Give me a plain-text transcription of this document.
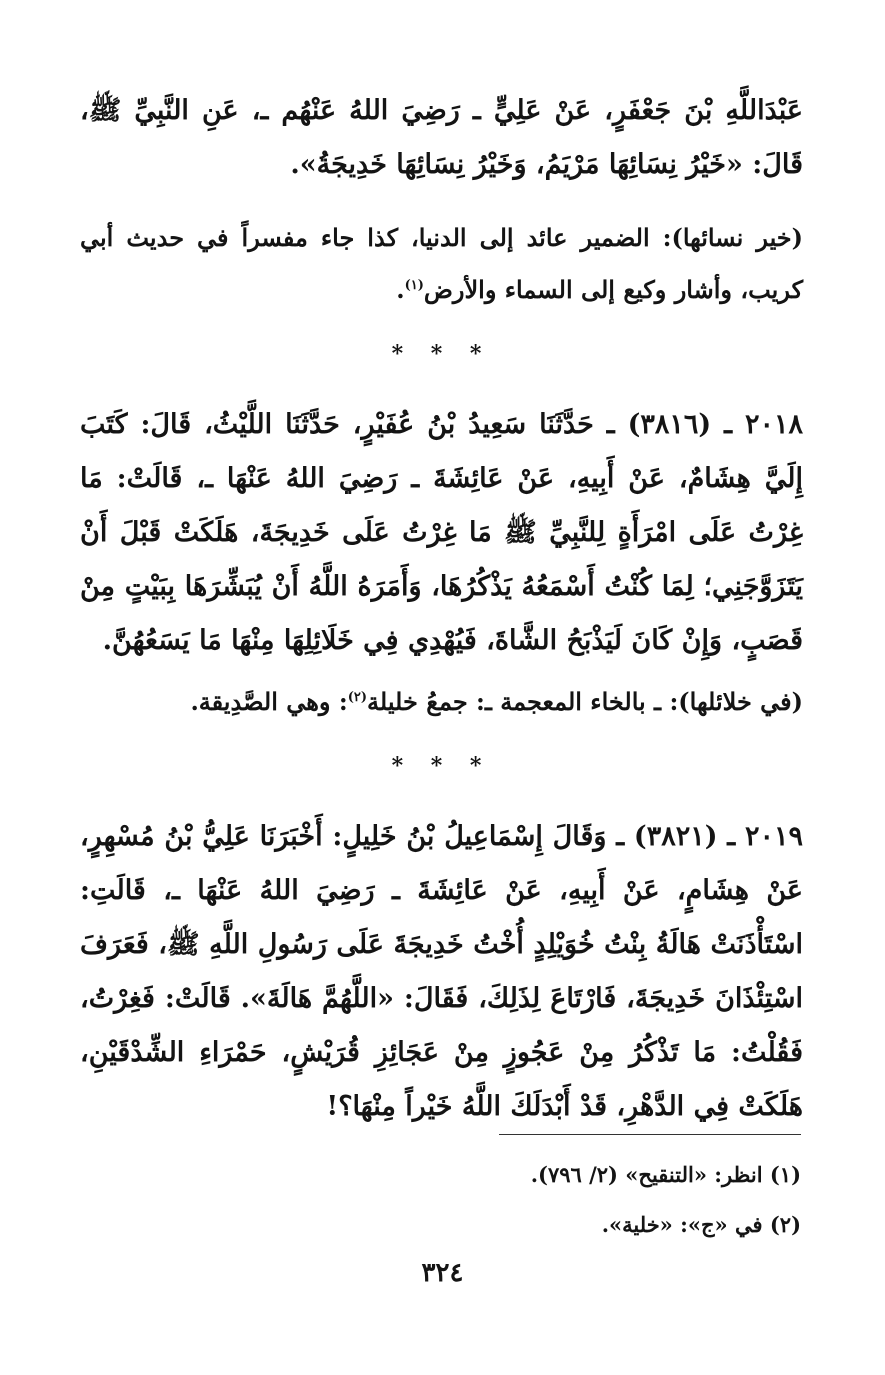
عَبْدَاللَّهِ بْنَ جَعْفَرٍ، عَنْ عَلِيٍّ ـ رَضِيَ اللهُ عَنْهُم ـ، عَنِ النَّبِيِّ ﷺ، قَالَ: «خَيْرُ نِسَائِهَا مَرْيَمُ، وَخَيْرُ نِسَائِهَا خَدِيجَةُ».

(خير نسائها): الضمير عائد إلى الدنيا، كذا جاء مفسراً في حديث أبي كريب، وأشار وكيع إلى السماء والأرض$^{(١)}$.

* * *

٢٠١٨ ـ (٣٨١٦) ـ حَدَّثَنَا سَعِيدُ بْنُ عُفَيْرٍ، حَدَّثَنَا اللَّيْثُ، قَالَ: كَتَبَ إِلَيَّ هِشَامٌ، عَنْ أَبِيهِ، عَنْ عَائِشَةَ ـ رَضِيَ اللهُ عَنْهَا ـ، قَالَتْ: مَا غِرْتُ عَلَى امْرَأَةٍ لِلنَّبِيِّ ﷺ مَا غِرْتُ عَلَى خَدِيجَةَ، هَلَكَتْ قَبْلَ أَنْ يَتَزَوَّجَنِي؛ لِمَا كُنْتُ أَسْمَعُهُ يَذْكُرُهَا، وَأَمَرَهُ اللَّهُ أَنْ يُبَشِّرَهَا بِبَيْتٍ مِنْ قَصَبٍ، وَإِنْ كَانَ لَيَذْبَحُ الشَّاةَ، فَيُهْدِي فِي خَلَائِلِهَا مِنْهَا مَا يَسَعُهُنَّ.

(في خلائلها): ـ بالخاء المعجمة ـ: جمعُ خليلة$^{(٢)}$: وهي الصَّدِيقة.

* * *

٢٠١٩ ـ (٣٨٢١) ـ وَقَالَ إِسْمَاعِيلُ بْنُ خَلِيلٍ: أَخْبَرَنَا عَلِيُّ بْنُ مُسْهِرٍ، عَنْ هِشَامٍ، عَنْ أَبِيهِ، عَنْ عَائِشَةَ ـ رَضِيَ اللهُ عَنْهَا ـ، قَالَتِ: اسْتَأْذَنَتْ هَالَةُ بِنْتُ خُوَيْلِدٍ أُخْتُ خَدِيجَةَ عَلَى رَسُولِ اللَّهِ ﷺ، فَعَرَفَ اسْتِئْذَانَ خَدِيجَةَ، فَارْتَاعَ لِذَلِكَ، فَقَالَ: «اللَّهُمَّ هَالَةَ». قَالَتْ: فَغِرْتُ، فَقُلْتُ: مَا تَذْكُرُ مِنْ عَجُوزٍ مِنْ عَجَائِزِ قُرَيْشٍ، حَمْرَاءِ الشِّدْقَيْنِ، هَلَكَتْ فِي الدَّهْرِ، قَدْ أَبْدَلَكَ اللَّهُ خَيْراً مِنْهَا؟!

(١) انظر: «التنقيح» (٢/ ٧٩٦).

(٢) في «ج»: «خلية».

٣٢٤
